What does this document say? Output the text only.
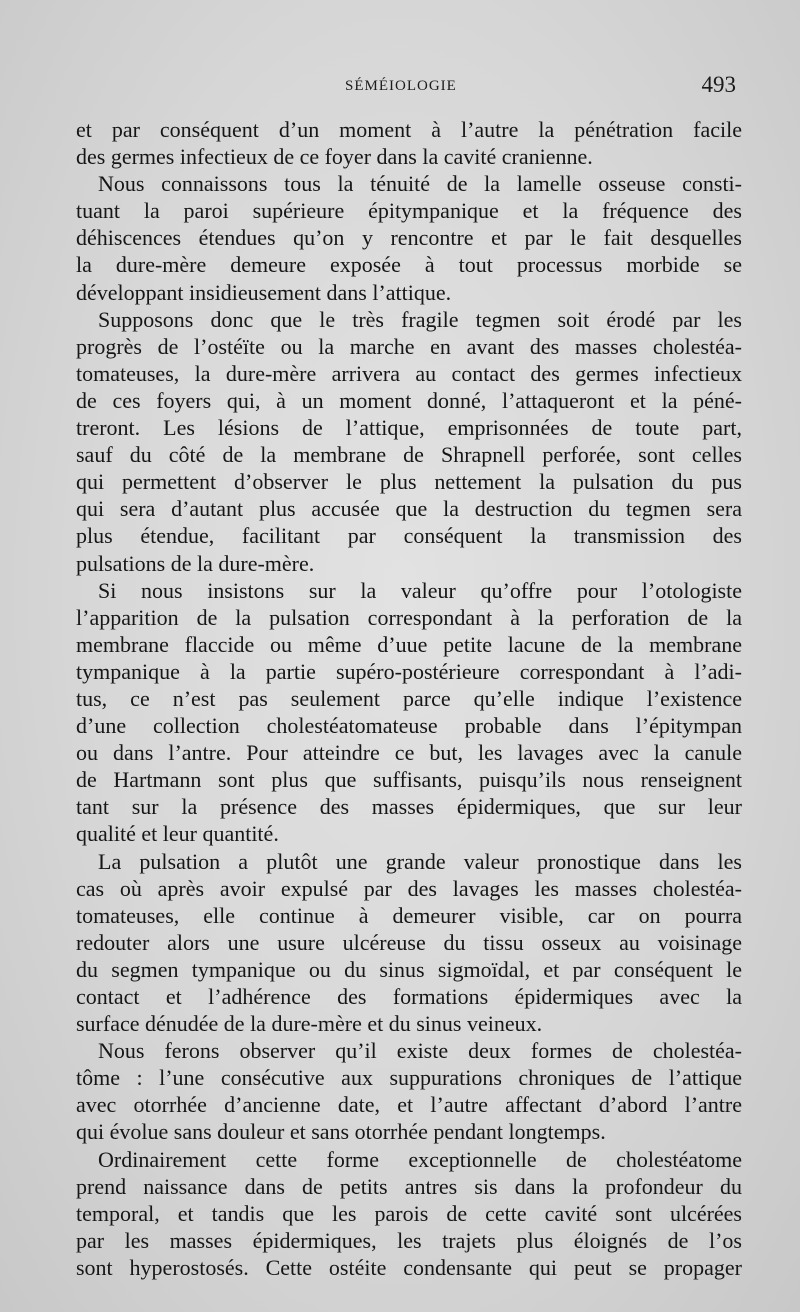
SÉMÉIOLOGIE	493
et par conséquent d’un moment à l’autre la pénétration facile
des germes infectieux de ce foyer dans la cavité cranienne.
Nous connaissons tous la ténuité de la lamelle osseuse consti-
tuant la paroi supérieure épitympanique et la fréquence des
déhiscences étendues qu’on y rencontre et par le fait desquelles
la dure-mère demeure exposée à tout processus morbide se
développant insidieusement dans l’attique.
Supposons donc que le très fragile tegmen soit érodé par les
progrès de l’ostéïte ou la marche en avant des masses cholestéa-
tomateuses, la dure-mère arrivera au contact des germes infectieux
de ces foyers qui, à un moment donné, l’attaqueront et la péné-
treront. Les lésions de l’attique, emprisonnées de toute part,
sauf du côté de la membrane de Shrapnell perforée, sont celles
qui permettent d’observer le plus nettement la pulsation du pus
qui sera d’autant plus accusée que la destruction du tegmen sera
plus étendue, facilitant par conséquent la transmission des
pulsations de la dure-mère.
Si nous insistons sur la valeur qu’offre pour l’otologiste
l’apparition de la pulsation correspondant à la perforation de la
membrane flaccide ou même d’uue petite lacune de la membrane
tympanique à la partie supéro-postérieure correspondant à l’adi-
tus, ce n’est pas seulement parce qu’elle indique l’existence
d’une collection cholestéatomateuse probable dans l’épitympan
ou dans l’antre. Pour atteindre ce but, les lavages avec la canule
de Hartmann sont plus que suffisants, puisqu’ils nous renseignent
tant sur la présence des masses épidermiques, que sur leur
qualité et leur quantité.
La pulsation a plutôt une grande valeur pronostique dans les
cas où après avoir expulsé par des lavages les masses cholestéa-
tomateuses, elle continue à demeurer visible, car on pourra
redouter alors une usure ulcéreuse du tissu osseux au voisinage
du segmen tympanique ou du sinus sigmoïdal, et par conséquent le
contact et l’adhérence des formations épidermiques avec la
surface dénudée de la dure-mère et du sinus veineux.
Nous ferons observer qu’il existe deux formes de cholestéa-
tôme : l’une consécutive aux suppurations chroniques de l’attique
avec otorrhée d’ancienne date, et l’autre affectant d’abord l’antre
qui évolue sans douleur et sans otorrhée pendant longtemps.
Ordinairement cette forme exceptionnelle de cholestéatome
prend naissance dans de petits antres sis dans la profondeur du
temporal, et tandis que les parois de cette cavité sont ulcérées
par les masses épidermiques, les trajets plus éloignés de l’os
sont hyperostosés. Cette ostéite condensante qui peut se propager
